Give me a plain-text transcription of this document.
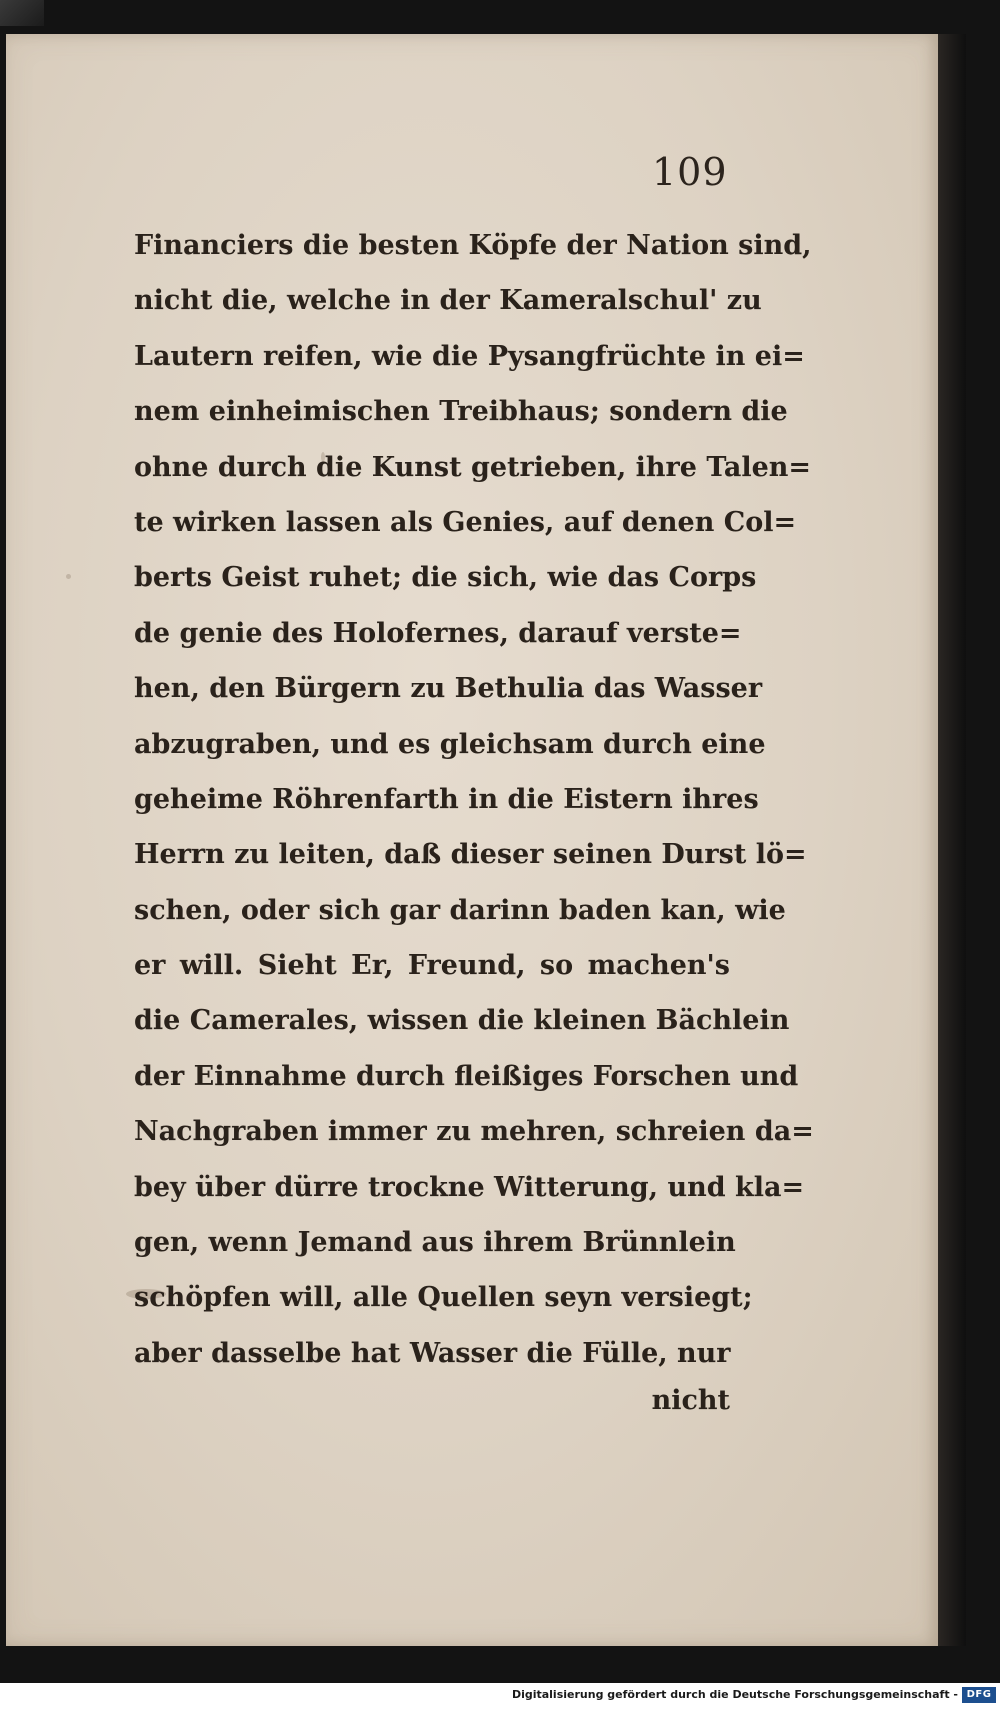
109
Financiers die besten Köpfe der Nation sind,
nicht die, welche in der Kameralschul' zu
Lautern reifen, wie die Pysangfrüchte in ei=
nem einheimischen Treibhaus; sondern die
ohne durch die Kunst getrieben, ihre Talen=
te wirken lassen als Genies, auf denen Col=
berts Geist ruhet; die sich, wie das Corps
de genie des Holofernes, darauf verste=
hen, den Bürgern zu Bethulia das Wasser
abzugraben, und es gleichsam durch eine
geheime Röhrenfarth in die Eistern ihres
Herrn zu leiten, daß dieser seinen Durst lö=
schen, oder sich gar darinn baden kan, wie
er will. Sieht Er, Freund, so machen's
die Camerales, wissen die kleinen Bächlein
der Einnahme durch fleißiges Forschen und
Nachgraben immer zu mehren, schreien da=
bey über dürre trockne Witterung, und kla=
gen, wenn Jemand aus ihrem Brünnlein
schöpfen will, alle Quellen seyn versiegt;
aber dasselbe hat Wasser die Fülle, nur
nicht
Digitalisierung gefördert durch die Deutsche Forschungsgemeinschaft - DFG
